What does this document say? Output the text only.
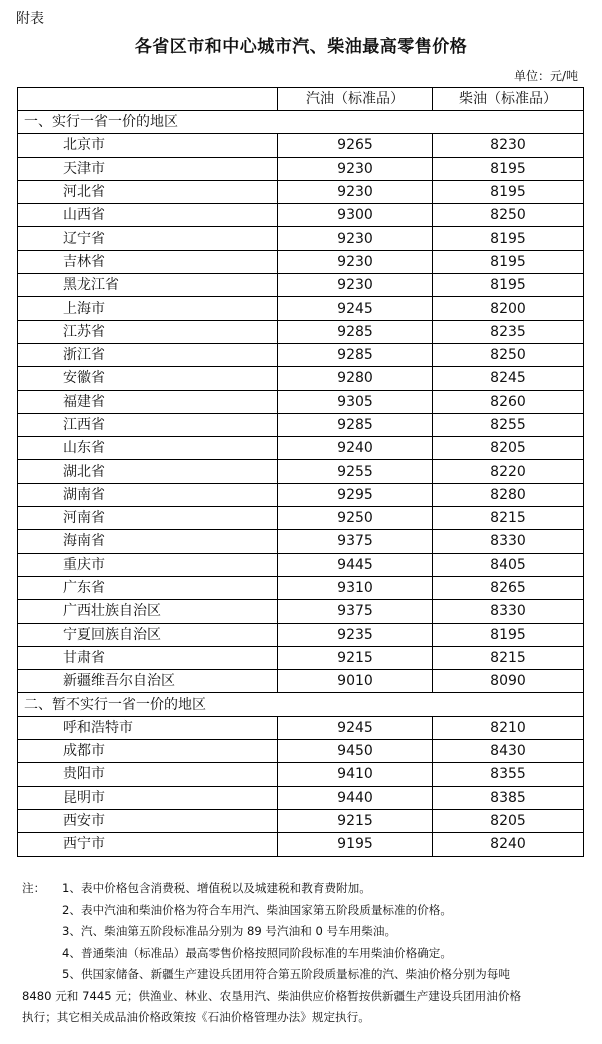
附表
各省区市和中心城市汽、柴油最高零售价格
单位：元/吨
	汽油（标准品）	柴油（标准品）
一、实行一省一价的地区		
北京市	9265	8230
天津市	9230	8195
河北省	9230	8195
山西省	9300	8250
辽宁省	9230	8195
吉林省	9230	8195
黑龙江省	9230	8195
上海市	9245	8200
江苏省	9285	8235
浙江省	9285	8250
安徽省	9280	8245
福建省	9305	8260
江西省	9285	8255
山东省	9240	8205
湖北省	9255	8220
湖南省	9295	8280
河南省	9250	8215
海南省	9375	8330
重庆市	9445	8405
广东省	9310	8265
广西壮族自治区	9375	8330
宁夏回族自治区	9235	8195
甘肃省	9215	8215
新疆维吾尔自治区	9010	8090
二、暂不实行一省一价的地区		
呼和浩特市	9245	8210
成都市	9450	8430
贵阳市	9410	8355
昆明市	9440	8385
西安市	9215	8205
西宁市	9195	8240
注： 1、表中价格包含消费税、增值税以及城建税和教育费附加。
2、表中汽油和柴油价格为符合车用汽、柴油国家第五阶段质量标准的价格。
3、汽、柴油第五阶段标准品分别为 89 号汽油和 0 号车用柴油。
4、普通柴油（标准品）最高零售价格按照同阶段标准的车用柴油价格确定。
5、供国家储备、新疆生产建设兵团用符合第五阶段质量标准的汽、柴油价格分别为每吨
8480 元和 7445 元；供渔业、林业、农垦用汽、柴油供应价格暂按供新疆生产建设兵团用油价格
执行；其它相关成品油价格政策按《石油价格管理办法》规定执行。
